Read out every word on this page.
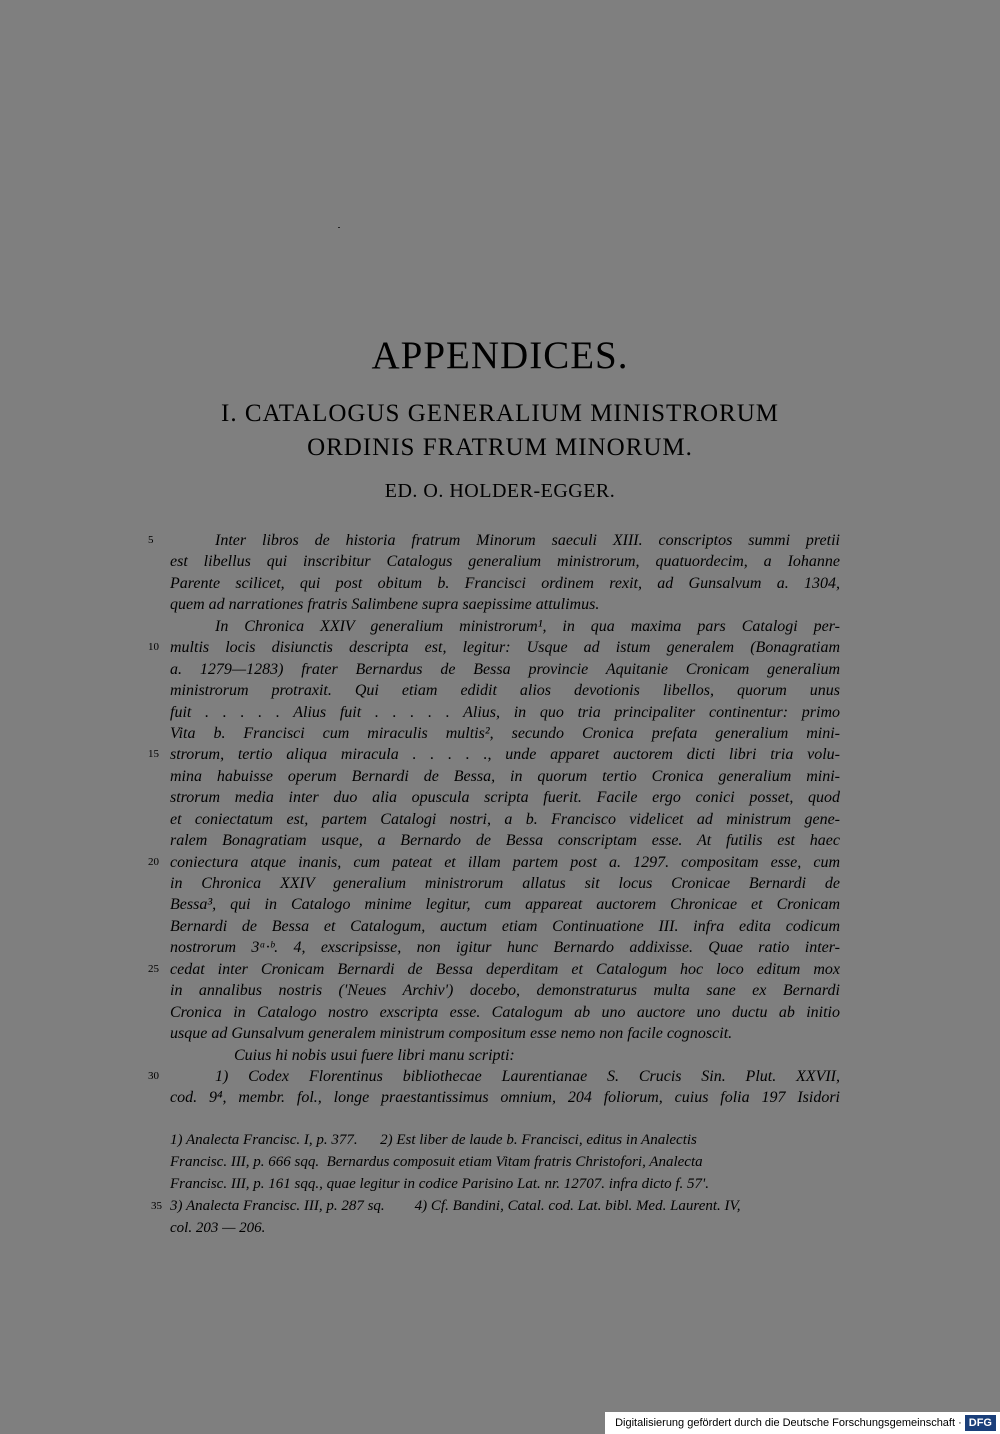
APPENDICES.
I. CATALOGUS GENERALIUM MINISTRORUM
ORDINIS FRATRUM MINORUM.
ED. O. HOLDER-EGGER.
5	Inter libros de historia fratrum Minorum saeculi XIII. conscriptos summi pretii
est libellus qui inscribitur Catalogus generalium ministrorum, quatuordecim, a Iohanne
Parente scilicet, qui post obitum b. Francisci ordinem rexit, ad Gunsalvum a. 1304,
quem ad narrationes fratris Salimbene supra saepissime attulimus.
In Chronica XXIV generalium ministrorum¹, in qua maxima pars Catalogi per-
10 multis locis disiunctis descripta est, legitur: Usque ad istum generalem (Bonagratiam
a. 1279—1283) frater Bernardus de Bessa provincie Aquitanie Cronicam generalium
ministrorum protraxit. Qui etiam edidit alios devotionis libellos, quorum unus
fuit . . . . . Alius fuit . . . . . Alius, in quo tria principaliter continentur: primo
Vita b. Francisci cum miraculis multis², secundo Cronica prefata generalium mini-
15 strorum, tertio aliqua miracula . . . . ., unde apparet auctorem dicti libri tria volu-
mina habuisse operum Bernardi de Bessa, in quorum tertio Cronica generalium mini-
strorum media inter duo alia opuscula scripta fuerit. Facile ergo conici posset, quod
et coniectatum est, partem Catalogi nostri, a b. Francisco videlicet ad ministrum gene-
ralem Bonagratiam usque, a Bernardo de Bessa conscriptam esse. At futilis est haec
20 coniectura atque inanis, cum pateat et illam partem post a. 1297. compositam esse, cum
in Chronica XXIV generalium ministrorum allatus sit locus Cronicae Bernardi de
Bessa³, qui in Catalogo minime legitur, cum appareat auctorem Chronicae et Cronicam
Bernardi de Bessa et Catalogum, auctum etiam Continuatione III. infra edita codicum
nostrorum 3ᵃ·ᵇ. 4, exscripsisse, non igitur hunc Bernardo addixisse. Quae ratio inter-
25 cedat inter Cronicam Bernardi de Bessa deperditam et Catalogum hoc loco editum mox
in annalibus nostris ('Neues Archiv') docebo, demonstraturus multa sane ex Bernardi
Cronica in Catalogo nostro exscripta esse. Catalogum ab uno auctore uno ductu ab initio
usque ad Gunsalvum generalem ministrum compositum esse nemo non facile cognoscit.
Cuius hi nobis usui fuere libri manu scripti:
30	1) Codex Florentinus bibliothecae Laurentianae S. Crucis Sin. Plut. XXVII,
cod. 9⁴, membr. fol., longe praestantissimus omnium, 204 foliorum, cuius folia 197 Isidori
1) Analecta Francisc. I, p. 377.      2) Est liber de laude b. Francisci, editus in Analectis
Francisc. III, p. 666 sqq.  Bernardus composuit etiam Vitam fratris Christofori, Analecta
Francisc. III, p. 161 sqq., quae legitur in codice Parisino Lat. nr. 12707. infra dicto f. 57'.
35 3) Analecta Francisc. III, p. 287 sq.        4) Cf. Bandini, Catal. cod. Lat. bibl. Med. Laurent. IV,
col. 203 — 206.
Digitalisierung gefördert durch die Deutsche Forschungsgemeinschaft · DFG
